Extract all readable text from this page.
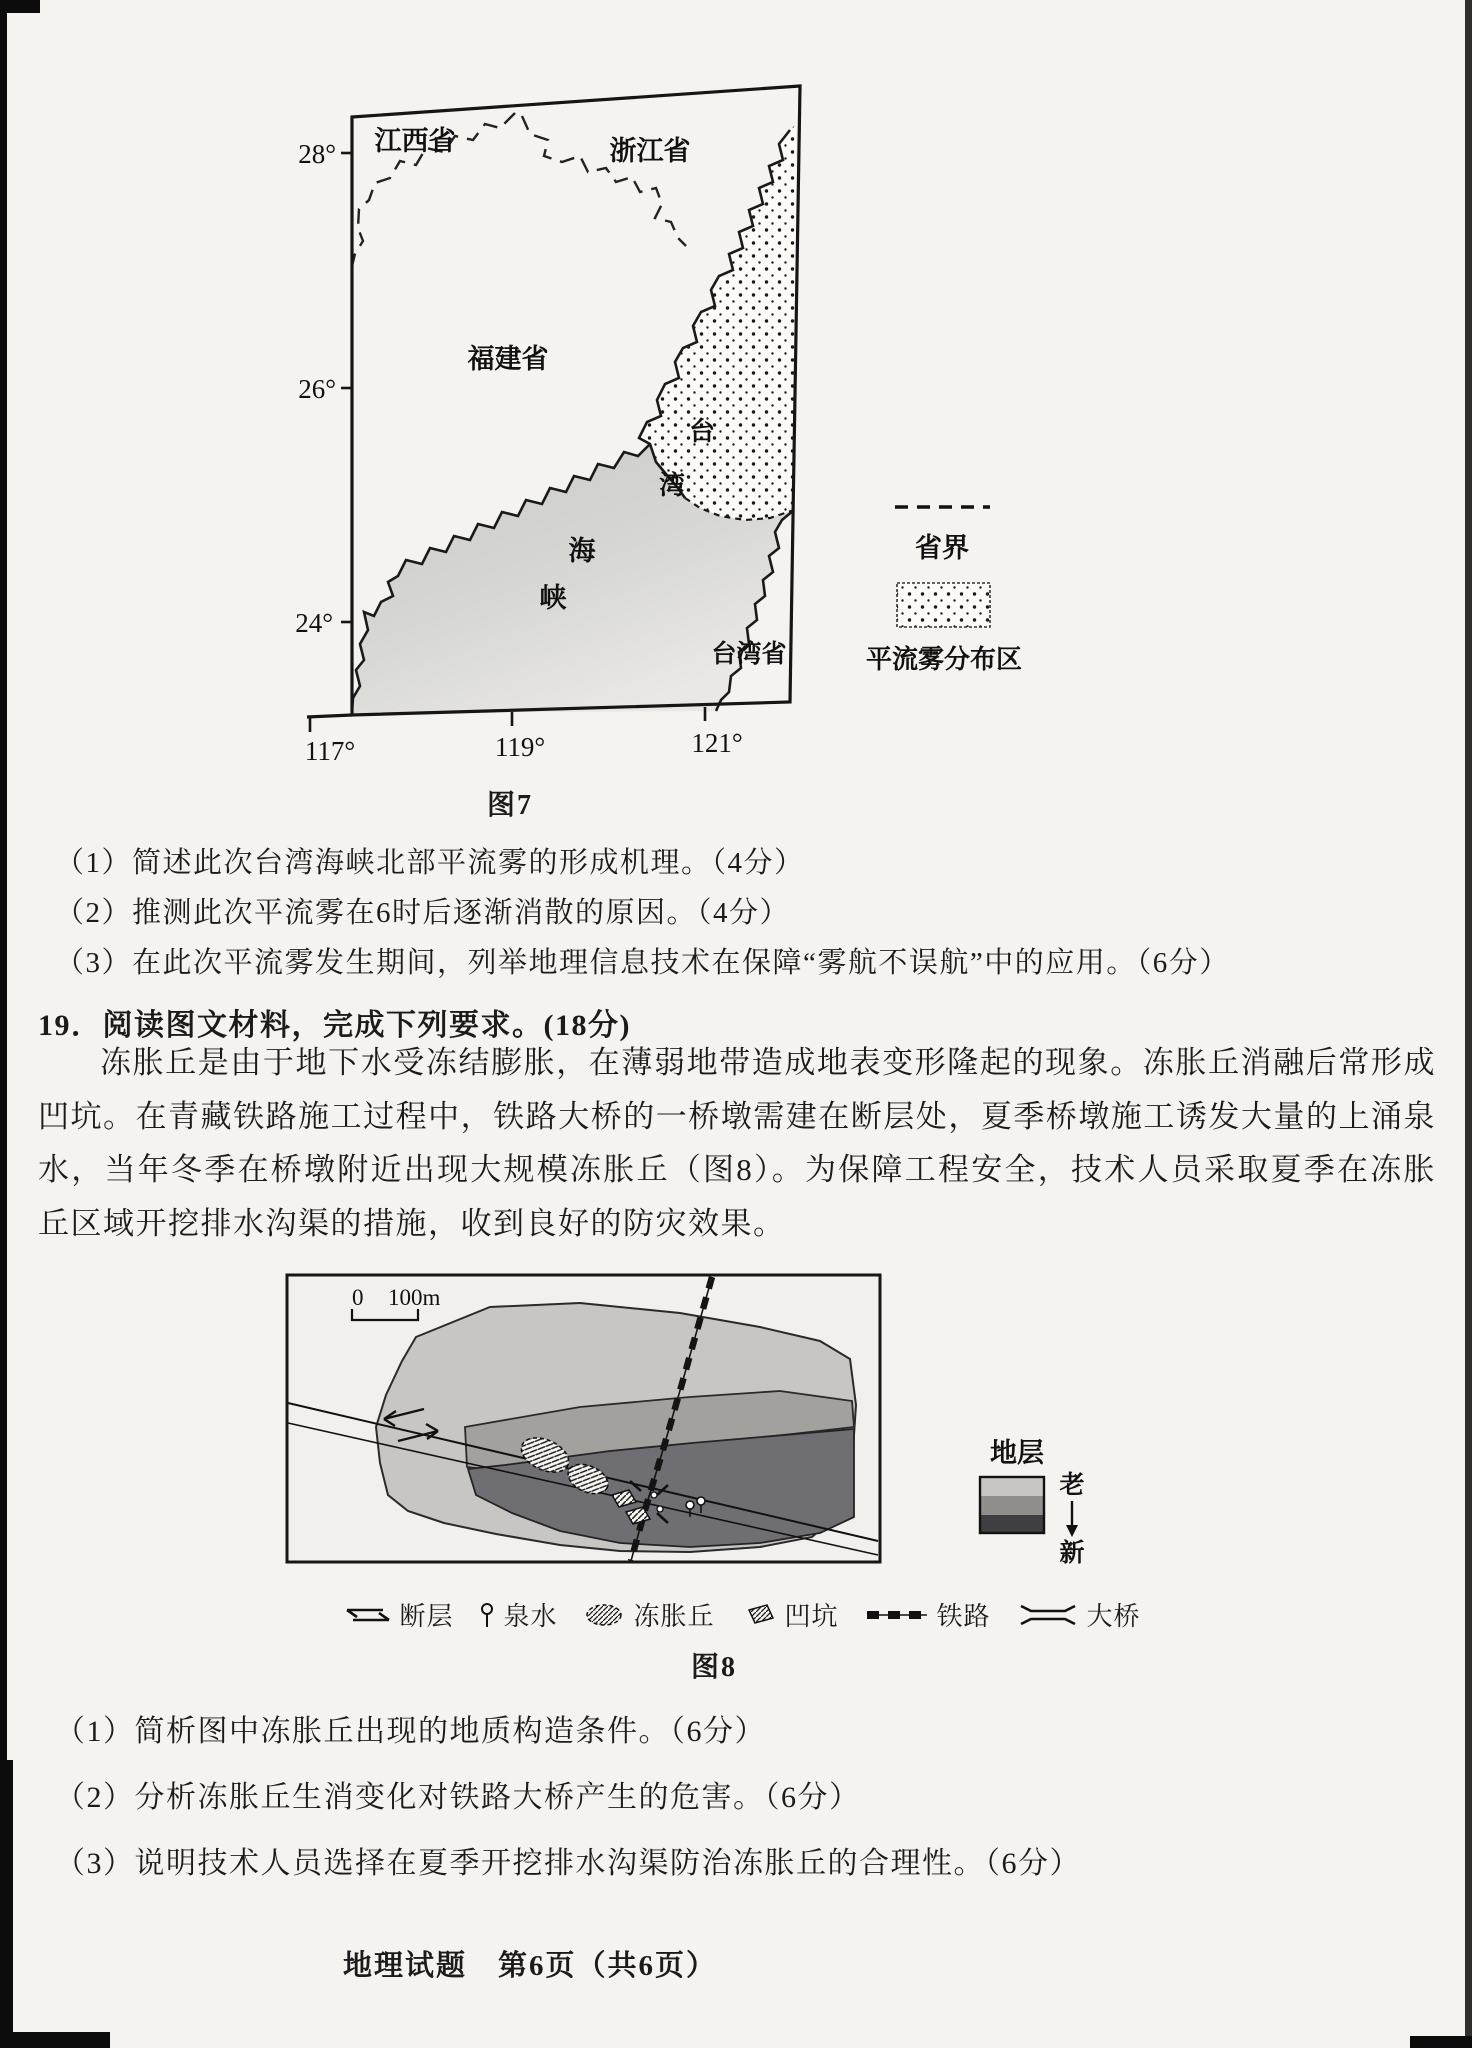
28°
26°
24°
117°	119°	121°
江西省	浙江省
福建省
台
湾
海
峡
台湾省
省界
平流雾分布区
图7
（1）简述此次台湾海峡北部平流雾的形成机理。（4分）
（2）推测此次平流雾在6时后逐渐消散的原因。（4分）
（3）在此次平流雾发生期间，列举地理信息技术在保障“雾航不误航”中的应用。（6分）
19．阅读图文材料，完成下列要求。(18分)

冻胀丘是由于地下水受冻结膨胀，在薄弱地带造成地表变形隆起的现象。冻胀丘消融后常形成凹坑。在青藏铁路施工过程中，铁路大桥的一桥墩需建在断层处，夏季桥墩施工诱发大量的上涌泉水，当年冬季在桥墩附近出现大规模冻胀丘（图8）。为保障工程安全，技术人员采取夏季在冻胀丘区域开挖排水沟渠的措施，收到良好的防灾效果。

0 100m
地层
老
新
断层 泉水	冻胀丘	凹坑	铁路	大桥
图8
（1）简析图中冻胀丘出现的地质构造条件。（6分）
（2）分析冻胀丘生消变化对铁路大桥产生的危害。（6分）
（3）说明技术人员选择在夏季开挖排水沟渠防治冻胀丘的合理性。（6分）
地理试题　第6页（共6页）
